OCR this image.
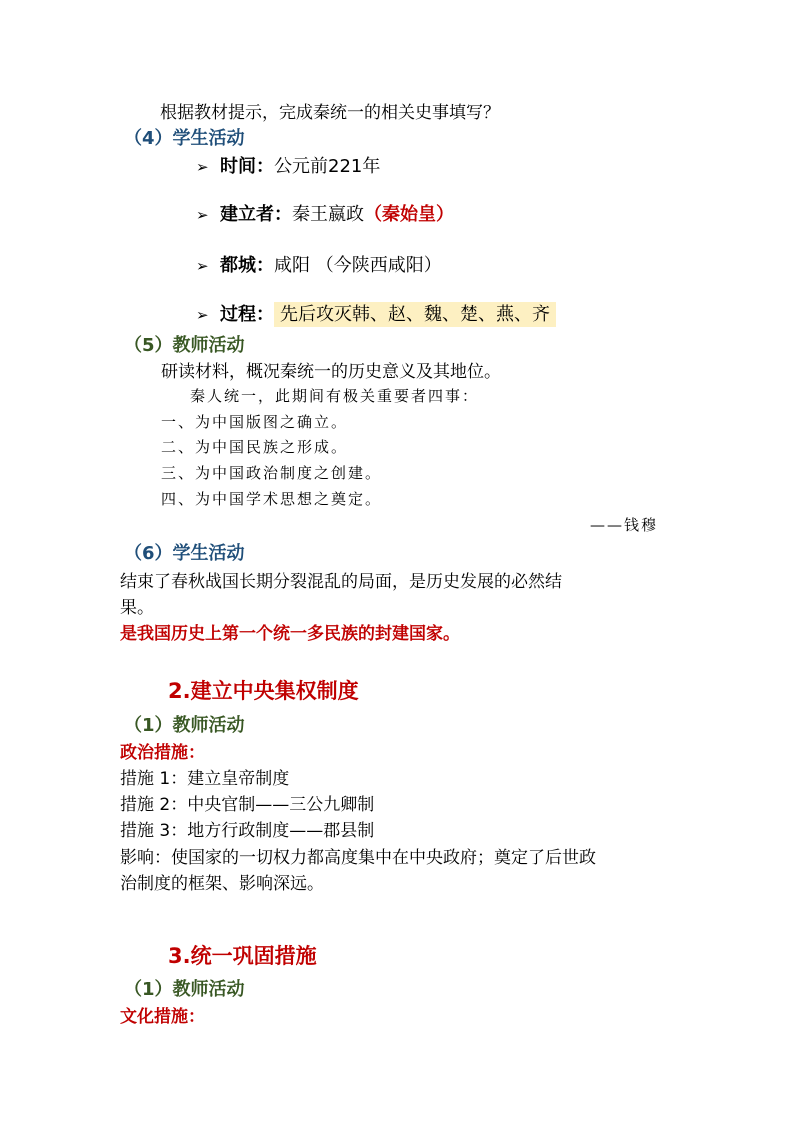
根据教材提示，完成秦统一的相关史事填写？
（4）学生活动
➢ 时间：公元前221年
➢ 建立者：秦王嬴政（秦始皇）
➢ 都城：咸阳 （今陕西咸阳）
➢ 过程： 先后攻灭韩、赵、魏、楚、燕、齐
（5）教师活动
研读材料，概况秦统一的历史意义及其地位。
秦人统一，此期间有极关重要者四事：
一、为中国版图之确立。
二、为中国民族之形成。
三、为中国政治制度之创建。
四、为中国学术思想之奠定。
——钱穆
（6）学生活动
结束了春秋战国长期分裂混乱的局面，是历史发展的必然结
果。
是我国历史上第一个统一多民族的封建国家。
2.建立中央集权制度
（1）教师活动
政治措施：
措施 1：建立皇帝制度
措施 2：中央官制——三公九卿制
措施 3：地方行政制度——郡县制
影响：使国家的一切权力都高度集中在中央政府；奠定了后世政
治制度的框架、影响深远。
3.统一巩固措施
（1）教师活动
文化措施：
